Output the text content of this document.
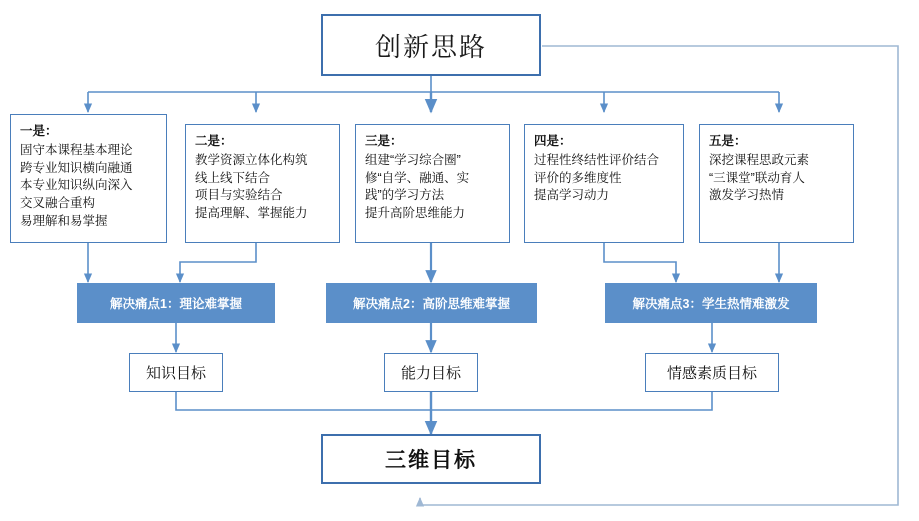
创新思路
一是：
固守本课程基本理论
跨专业知识横向融通
本专业知识纵向深入
交叉融合重构
易理解和易掌握
二是：
教学资源立体化构筑
线上线下结合
项目与实验结合
提高理解、掌握能力
三是：
组建“学习综合圈”
修“自学、融通、实
践”的学习方法
提升高阶思维能力
四是：
过程性终结性评价结合
评价的多维度性
提高学习动力
五是：
深挖课程思政元素
“三课堂”联动育人
激发学习热情
解决痛点1：理论难掌握	解决痛点2：高阶思维难掌握	解决痛点3：学生热情难激发
知识目标	能力目标	情感素质目标
三维目标
